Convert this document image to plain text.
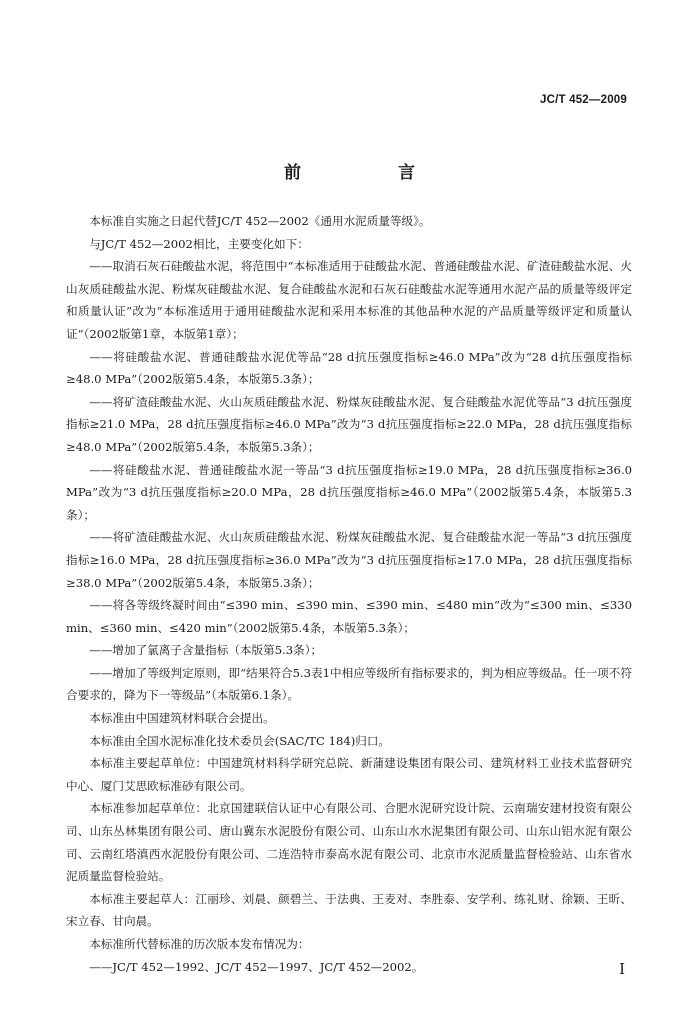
JC/T 452—2009
前　言

本标准自实施之日起代替JC/T 452—2002《通用水泥质量等级》。

与JC/T 452—2002相比，主要变化如下：

——取消石灰石硅酸盐水泥，将范围中“本标准适用于硅酸盐水泥、普通硅酸盐水泥、矿渣硅酸盐水泥、火山灰质硅酸盐水泥、粉煤灰硅酸盐水泥、复合硅酸盐水泥和石灰石硅酸盐水泥等通用水泥产品的质量等级评定和质量认证”改为“本标准适用于通用硅酸盐水泥和采用本标准的其他品种水泥的产品质量等级评定和质量认证”（2002版第1章，本版第1章）；

——将硅酸盐水泥、普通硅酸盐水泥优等品“28 d抗压强度指标≥46.0 MPa”改为“28 d抗压强度指标≥48.0 MPa”（2002版第5.4条，本版第5.3条）；

——将矿渣硅酸盐水泥、火山灰质硅酸盐水泥、粉煤灰硅酸盐水泥、复合硅酸盐水泥优等品“3 d抗压强度指标≥21.0 MPa，28 d抗压强度指标≥46.0 MPa”改为“3 d抗压强度指标≥22.0 MPa，28 d抗压强度指标≥48.0 MPa”（2002版第5.4条，本版第5.3条）；

——将硅酸盐水泥、普通硅酸盐水泥一等品“3 d抗压强度指标≥19.0 MPa，28 d抗压强度指标≥36.0 MPa”改为“3 d抗压强度指标≥20.0 MPa，28 d抗压强度指标≥46.0 MPa”（2002版第5.4条，本版第5.3条）；

——将矿渣硅酸盐水泥、火山灰质硅酸盐水泥、粉煤灰硅酸盐水泥、复合硅酸盐水泥一等品“3 d抗压强度指标≥16.0 MPa，28 d抗压强度指标≥36.0 MPa”改为“3 d抗压强度指标≥17.0 MPa，28 d抗压强度指标≥38.0 MPa”（2002版第5.4条，本版第5.3条）；

——将各等级终凝时间由“≤390 min、≤390 min、≤390 min、≤480 min”改为“≤300 min、≤330 min、≤360 min、≤420 min”（2002版第5.4条，本版第5.3条）；

——增加了氯离子含量指标（本版第5.3条）；

——增加了等级判定原则，即“结果符合5.3表1中相应等级所有指标要求的，判为相应等级品。任一项不符合要求的，降为下一等级品”（本版第6.1条）。

本标准由中国建筑材料联合会提出。

本标准由全国水泥标准化技术委员会(SAC/TC 184)归口。

本标准主要起草单位：中国建筑材料科学研究总院、新蒲建设集团有限公司、建筑材料工业技术监督研究中心、厦门艾思欧标准砂有限公司。

本标准参加起草单位：北京国建联信认证中心有限公司、合肥水泥研究设计院、云南瑞安建材投资有限公司、山东丛林集团有限公司、唐山冀东水泥股份有限公司、山东山水水泥集团有限公司、山东山铝水泥有限公司、云南红塔滇西水泥股份有限公司、二连浩特市泰高水泥有限公司、北京市水泥质量监督检验站、山东省水泥质量监督检验站。

本标准主要起草人：江丽珍、刘晨、颜碧兰、于法典、王麦对、李胜泰、安学利、练礼财、徐颖、王昕、宋立春、甘向晨。

本标准所代替标准的历次版本发布情况为：

——JC/T 452—1992、JC/T 452—1997、JC/T 452—2002。	I
